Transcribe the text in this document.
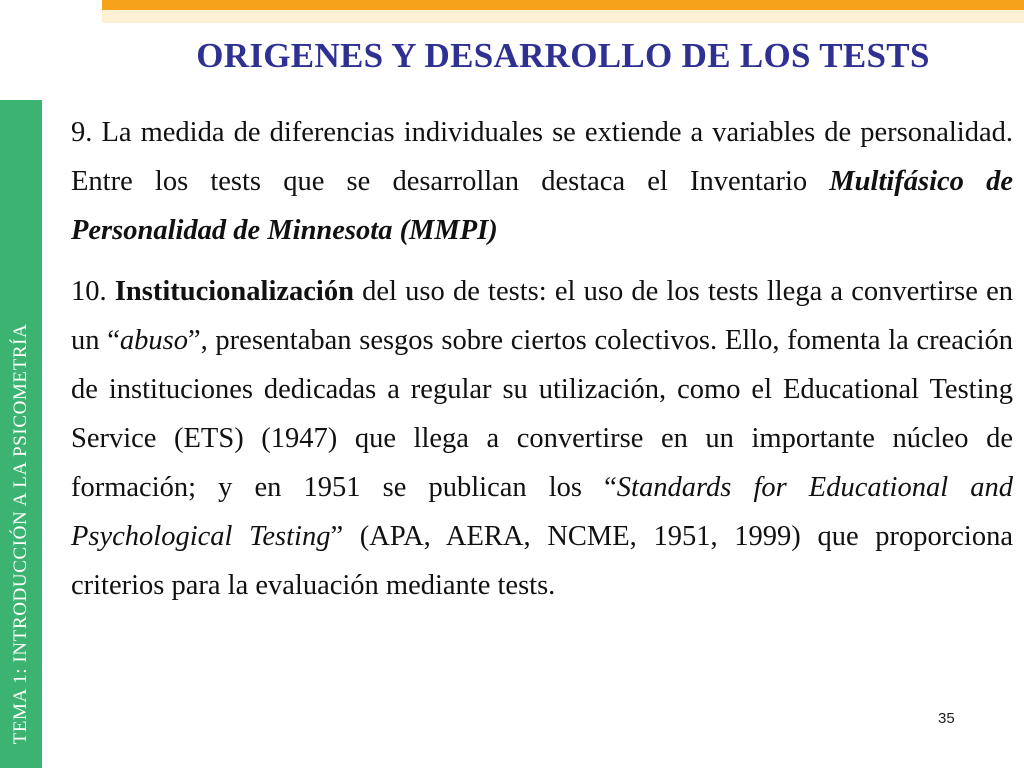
ORIGENES Y DESARROLLO DE LOS TESTS
TEMA 1: INTRODUCCIÓN A LA PSICOMETRÍA

9. La medida de diferencias individuales se extiende a variables de personalidad. Entre los tests que se desarrollan destaca el Inventario Multifásico de Personalidad de Minnesota (MMPI)

10. Institucionalización del uso de tests: el uso de los tests llega a convertirse en un “abuso”, presentaban sesgos sobre ciertos colectivos. Ello, fomenta la creación de instituciones dedicadas a regular su utilización, como el Educational Testing Service (ETS) (1947) que llega a convertirse en un importante núcleo de formación; y en 1951 se publican los “Standards for Educational and Psychological Testing” (APA, AERA, NCME, 1951, 1999) que proporciona criterios para la evaluación mediante tests.

35
